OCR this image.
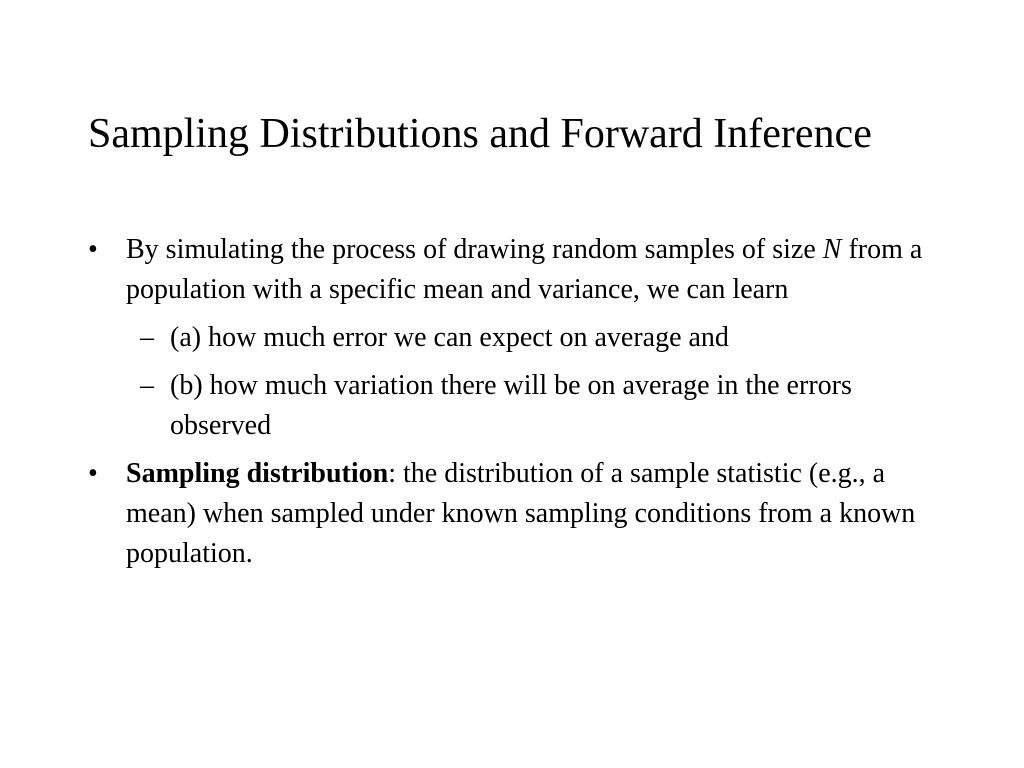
Sampling Distributions and Forward Inference
•	By simulating the process of drawing random samples of size N from a population with a specific mean and variance, we can learn
– (a) how much error we can expect on average and
– (b) how much variation there will be on average in the errors observed
•	Sampling distribution: the distribution of a sample statistic (e.g., a mean) when sampled under known sampling conditions from a known population.
